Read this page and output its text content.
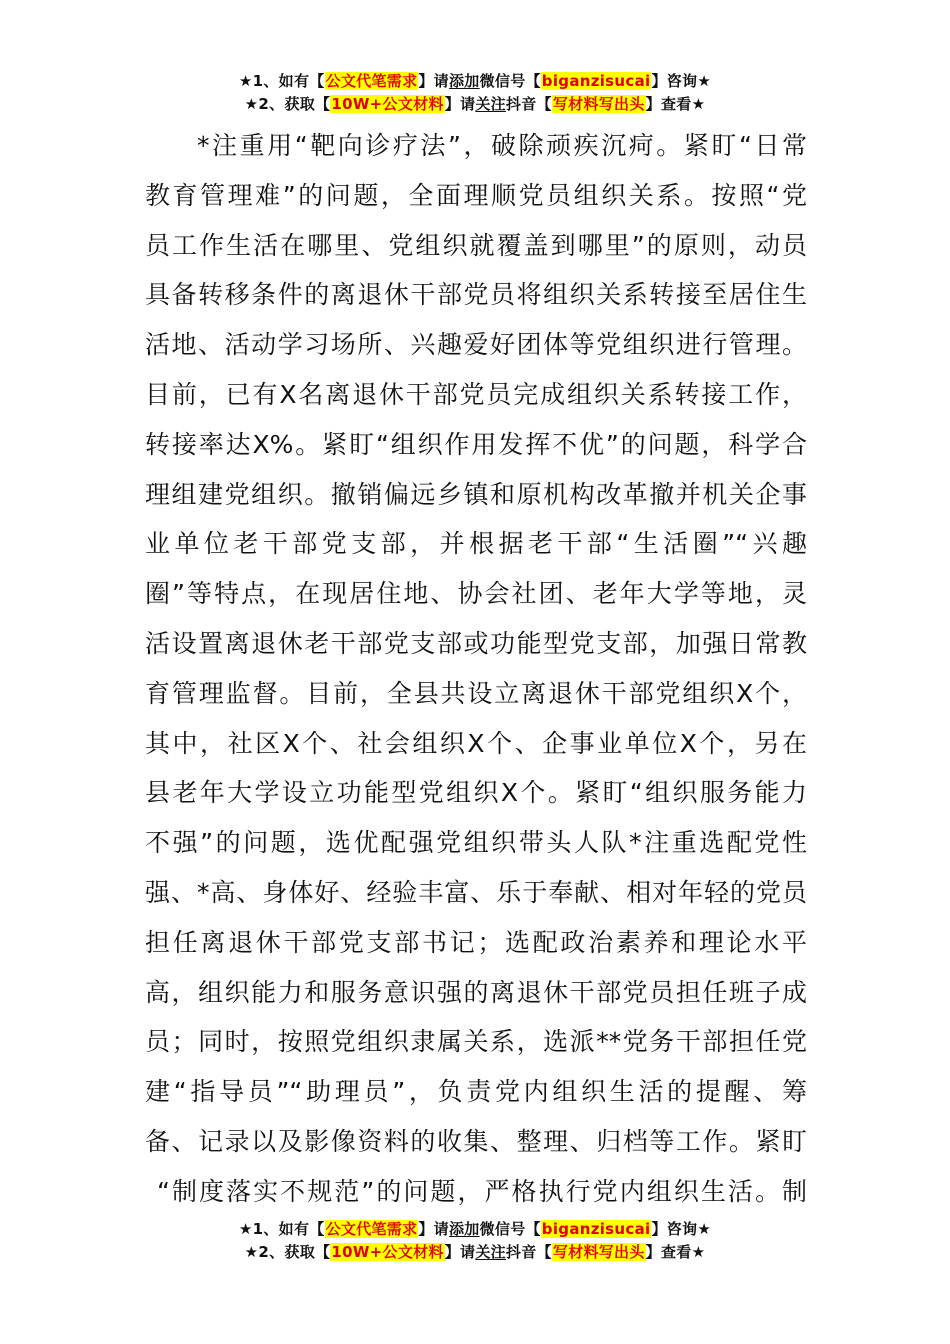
★1、如有【公文代笔需求】请添加微信号【biganzisucai】咨询★
★2、获取【10W+公文材料】请关注抖音【写材料写出头】查看★
*注重用“靶向诊疗法”，破除顽疾沉疴。紧盯“日常
教育管理难”的问题，全面理顺党员组织关系。按照“党
员工作生活在哪里、党组织就覆盖到哪里”的原则，动员
具备转移条件的离退休干部党员将组织关系转接至居住生
活地、活动学习场所、兴趣爱好团体等党组织进行管理。
目前，已有X名离退休干部党员完成组织关系转接工作，
转接率达X%。紧盯“组织作用发挥不优”的问题，科学合
理组建党组织。撤销偏远乡镇和原机构改革撤并机关企事
业单位老干部党支部，并根据老干部“生活圈”“兴趣
圈”等特点，在现居住地、协会社团、老年大学等地，灵
活设置离退休老干部党支部或功能型党支部，加强日常教
育管理监督。目前，全县共设立离退休干部党组织X个，
其中，社区X个、社会组织X个、企事业单位X个，另在
县老年大学设立功能型党组织X个。紧盯“组织服务能力
不强”的问题，选优配强党组织带头人队*注重选配党性
强、*高、身体好、经验丰富、乐于奉献、相对年轻的党员
担任离退休干部党支部书记；选配政治素养和理论水平
高，组织能力和服务意识强的离退休干部党员担任班子成
员；同时，按照党组织隶属关系，选派**党务干部担任党
建“指导员”“助理员”，负责党内组织生活的提醒、筹
备、记录以及影像资料的收集、整理、归档等工作。紧盯
“制度落实不规范”的问题，严格执行党内组织生活。制
★1、如有【公文代笔需求】请添加微信号【biganzisucai】咨询★
★2、获取【10W+公文材料】请关注抖音【写材料写出头】查看★
